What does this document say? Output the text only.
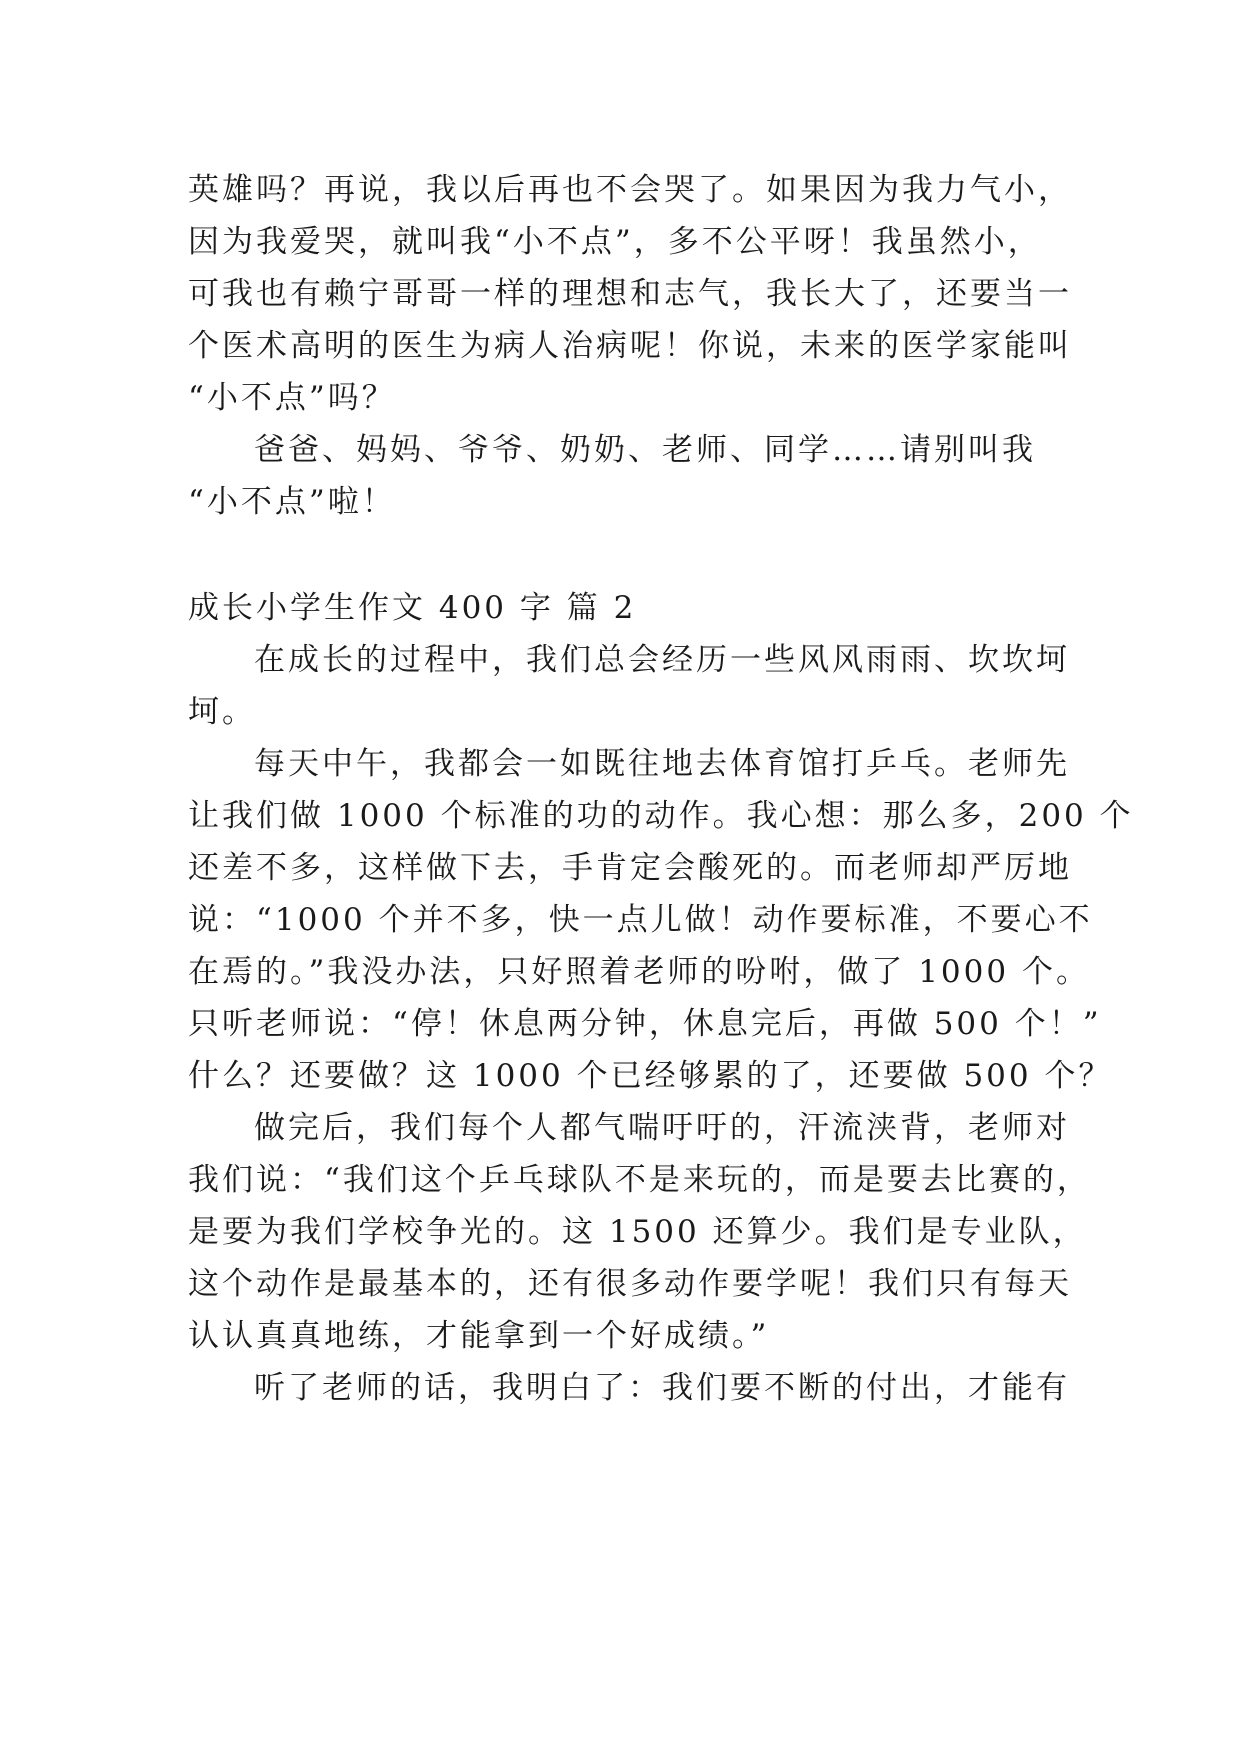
英雄吗？再说，我以后再也不会哭了。如果因为我力气小，
因为我爱哭，就叫我“小不点”，多不公平呀！我虽然小，
可我也有赖宁哥哥一样的理想和志气，我长大了，还要当一
个医术高明的医生为病人治病呢！你说，未来的医学家能叫
“小不点”吗？
爸爸、妈妈、爷爷、奶奶、老师、同学……请别叫我
“小不点”啦！
成长小学生作文 400 字 篇 2
在成长的过程中，我们总会经历一些风风雨雨、坎坎坷
坷。
每天中午，我都会一如既往地去体育馆打乒乓。老师先
让我们做 1000 个标准的功的动作。我心想：那么多，200 个
还差不多，这样做下去，手肯定会酸死的。而老师却严厉地
说：“1000 个并不多，快一点儿做！动作要标准，不要心不
在焉的。”我没办法，只好照着老师的吩咐，做了 1000 个。
只听老师说：“停！休息两分钟，休息完后，再做 500 个！”
什么？还要做？这 1000 个已经够累的了，还要做 500 个？
做完后，我们每个人都气喘吁吁的，汗流浃背，老师对
我们说：“我们这个乒乓球队不是来玩的，而是要去比赛的，
是要为我们学校争光的。这 1500 还算少。我们是专业队，
这个动作是最基本的，还有很多动作要学呢！我们只有每天
认认真真地练，才能拿到一个好成绩。”
听了老师的话，我明白了：我们要不断的付出，才能有
